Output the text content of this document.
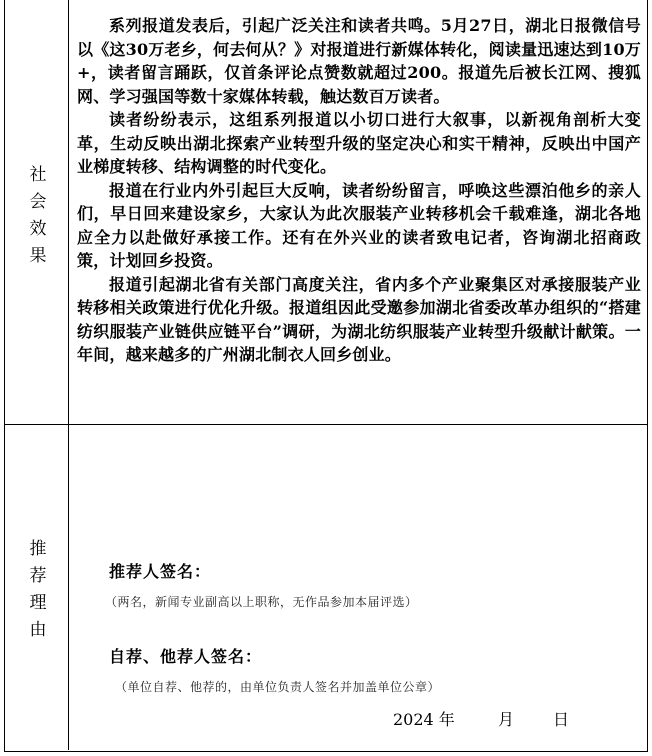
社会效果

系列报道发表后，引起广泛关注和读者共鸣。5月27日，湖北日报微信号以《这30万老乡，何去何从？》对报道进行新媒体转化，阅读量迅速达到10万+，读者留言踊跃，仅首条评论点赞数就超过200。报道先后被长江网、搜狐网、学习强国等数十家媒体转载，触达数百万读者。

读者纷纷表示，这组系列报道以小切口进行大叙事，以新视角剖析大变革，生动反映出湖北探索产业转型升级的坚定决心和实干精神，反映出中国产业梯度转移、结构调整的时代变化。

报道在行业内外引起巨大反响，读者纷纷留言，呼唤这些漂泊他乡的亲人们，早日回来建设家乡，大家认为此次服装产业转移机会千载难逢，湖北各地应全力以赴做好承接工作。还有在外兴业的读者致电记者，咨询湖北招商政策，计划回乡投资。

报道引起湖北省有关部门高度关注，省内多个产业聚集区对承接服装产业转移相关政策进行优化升级。报道组因此受邀参加湖北省委改革办组织的“搭建纺织服装产业链供应链平台”调研，为湖北纺织服装产业转型升级献计献策。一年间，越来越多的广州湖北制衣人回乡创业。

推荐理由
推荐人签名：
（两名，新闻专业副高以上职称，无作品参加本届评选）
自荐、他荐人签名：
（单位自荐、他荐的，由单位负责人签名并加盖单位公章）
2024 年	月 日
